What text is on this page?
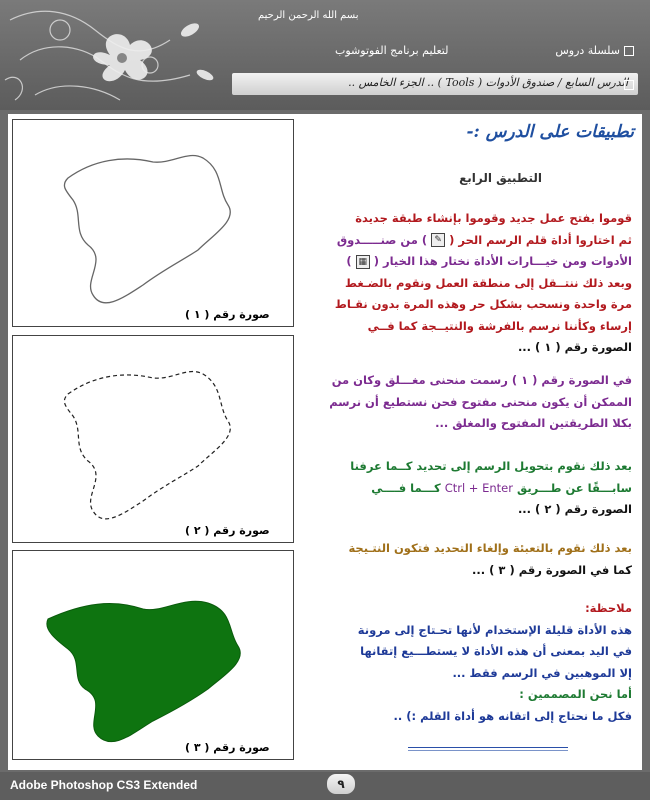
بسم الله الرحمن الرحيم
سلسلة دروس
لتعليم برنامج الفوتوشوب
الدرس السابع / صندوق الأدوات ( Tools ) .. الجزء الخامس ..
صورة رقم ( ١ )
صورة رقم ( ٢ )
صورة رقم ( ٣ )
تطبيقات على الدرس :-
التطبيق الرابع
قوموا بفتح عمل جديد وقوموا بإنشاء طبقة جديدة
ثم اختاروا أداة قلم الرسم الحر ( ✎ ) من صنـــــدوق
الأدوات ومن خيـــارات الأداة نختار هذا الخيار ( ▦ )
وبعد ذلك ننتــقل إلى منطقة العمل ونقوم بالضـغط
مرة واحدة ونسحب بشكل حر وهذه المرة بدون نقـاط
إرساء وكأننا نرسم بالفرشة والنتيــجة كما فــي
الصورة رقم ( ١ ) ...
في الصورة رقم ( ١ ) رسمت منحنى مغـــلق وكان من
الممكن أن يكون منحنى مفتوح فحن نستطيع أن نرسم
بكلا الطريقتين المفتوح والمغلق ...
بعد ذلك نقوم بتحويل الرسم إلى تحديد كــما عرفنا
سابـــقًا عن طـــريق Ctrl + Enter كـــما فــــي
الصورة رقم ( ٢ ) ...
بعد ذلك نقوم بالتعبئة وإلغاء التحديد فتكون النتـيجة
كما في الصورة رقم ( ٣ ) ...
ملاحظة:
هذه الأداة قليلة الإستخدام لأنها تحـتاج إلى مرونة
في اليد بمعنى أن هذه الأداة لا يستطـــيع إتقانها
إلا الموهبين في الرسم فقط ...
أما نحن المصممين :
فكل ما نحتاج إلى اتقانه هو أداة القلم :) ..
Adobe Photoshop CS3 Extended	٩
